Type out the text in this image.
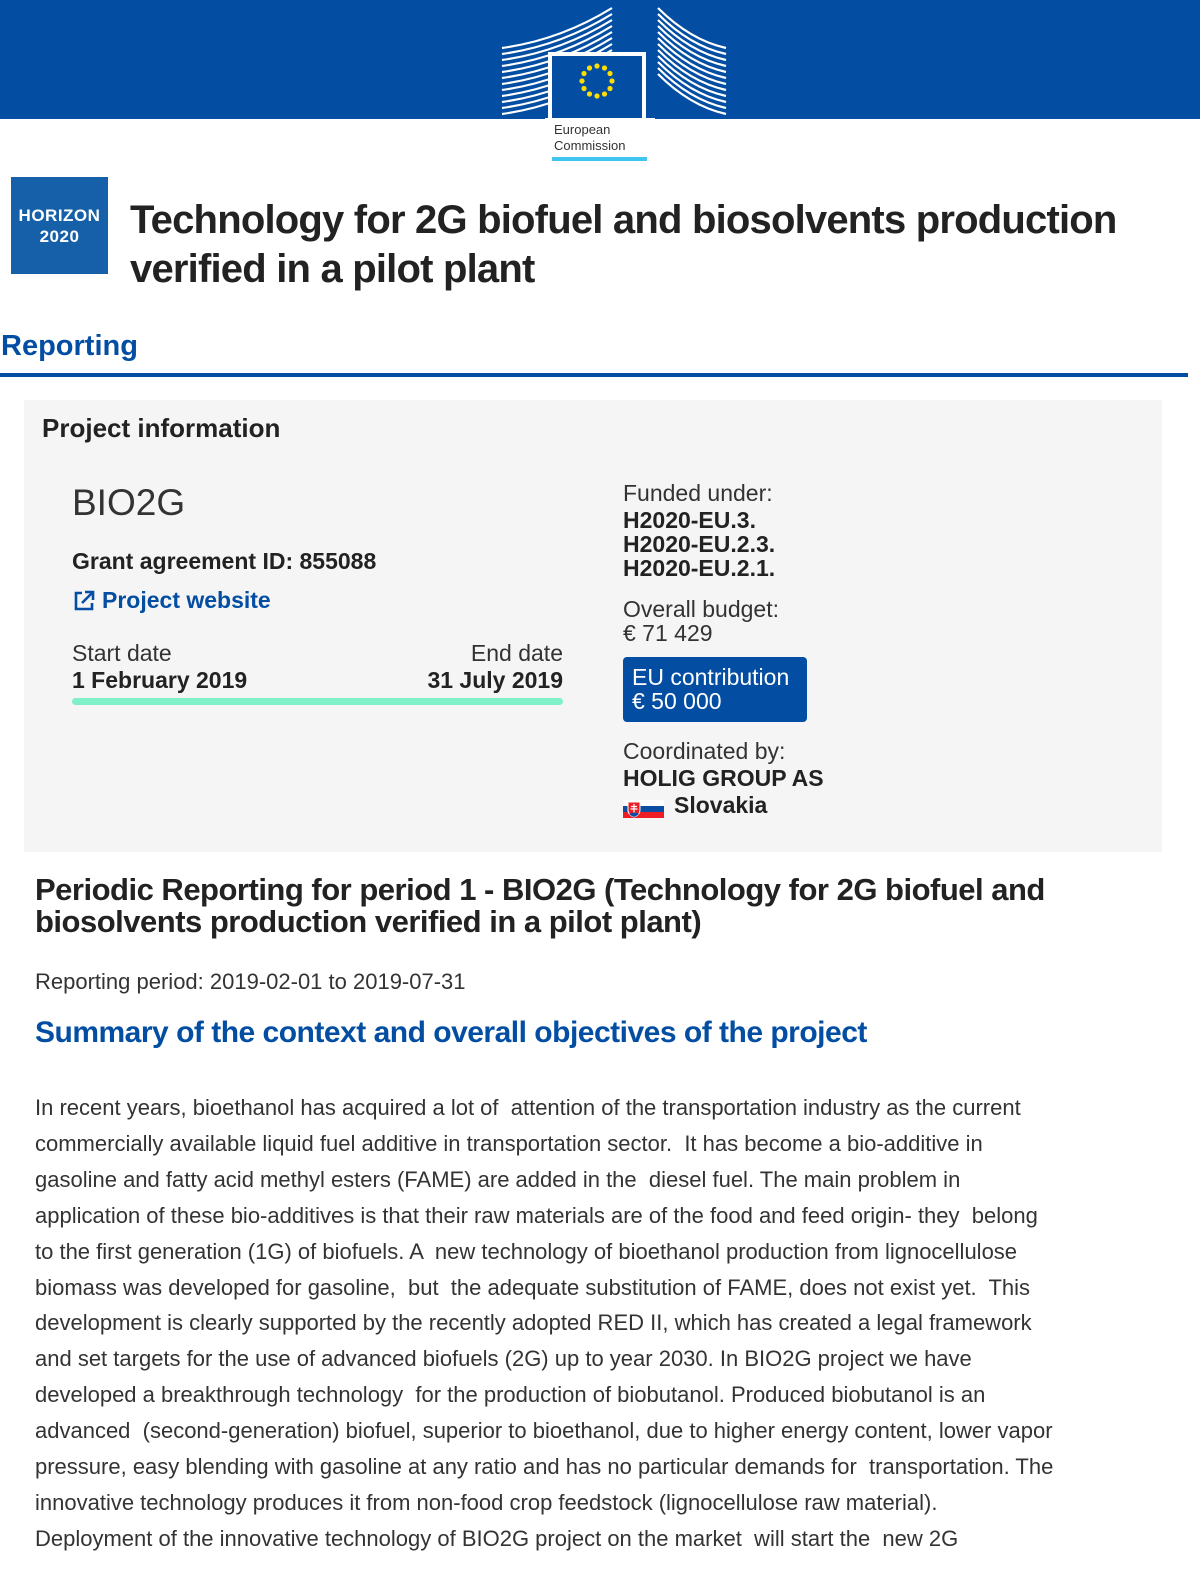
European
Commission
HORIZON
2020	Technology for 2G biofuel and biosolvents production verified in a pilot plant
Reporting
Project information
BIO2G
Grant agreement ID: 855088
Project website
Start date
1 February 2019
End date
31 July 2019
Funded under:
H2020-EU.3.
H2020-EU.2.3.
H2020-EU.2.1.
Overall budget:
€ 71 429
EU contribution
€ 50 000
Coordinated by:
HOLIG GROUP AS
Slovakia
Periodic Reporting for period 1 - BIO2G (Technology for 2G biofuel and biosolvents production verified in a pilot plant)
Reporting period: 2019-02-01 to 2019-07-31
Summary of the context and overall objectives of the project

In recent years, bioethanol has acquired a lot of  attention of the transportation industry as the current
commercially available liquid fuel additive in transportation sector.  It has become a bio-additive in
gasoline and fatty acid methyl esters (FAME) are added in the  diesel fuel. The main problem in
application of these bio-additives is that their raw materials are of the food and feed origin- they  belong
to the first generation (1G) of biofuels. A  new technology of bioethanol production from lignocellulose
biomass was developed for gasoline,  but  the adequate substitution of FAME, does not exist yet.  This
development is clearly supported by the recently adopted RED II, which has created a legal framework
and set targets for the use of advanced biofuels (2G) up to year 2030. In BIO2G project we have
developed a breakthrough technology  for the production of biobutanol. Produced biobutanol is an
advanced  (second-generation) biofuel, superior to bioethanol, due to higher energy content, lower vapor
pressure, easy blending with gasoline at any ratio and has no particular demands for  transportation. The
innovative technology produces it from non-food crop feedstock (lignocellulose raw material).
Deployment of the innovative technology of BIO2G project on the market  will start the  new 2G
